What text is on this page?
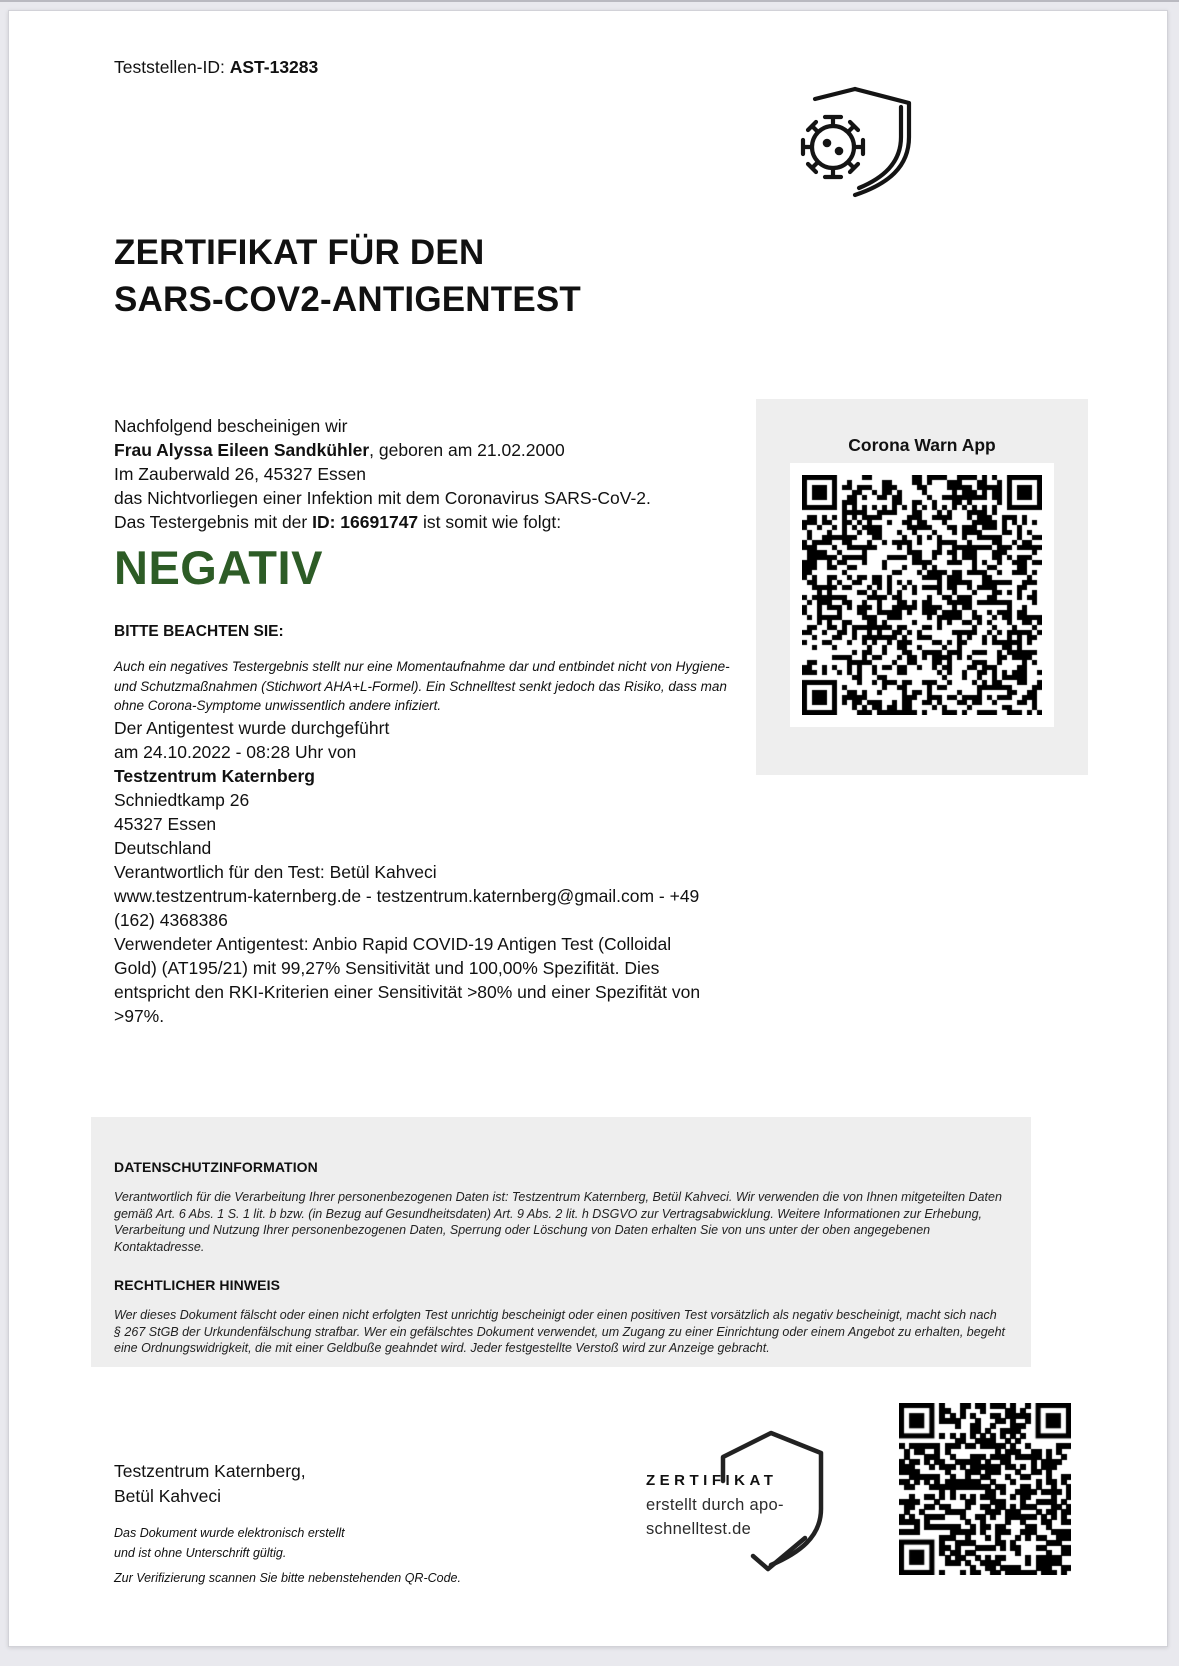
Teststellen-ID: AST-13283
ZERTIFIKAT FÜR DEN
SARS-COV2-ANTIGENTEST

Nachfolgend bescheinigen wir
Frau Alyssa Eileen Sandkühler, geboren am 21.02.2000
Im Zauberwald 26, 45327 Essen
das Nichtvorliegen einer Infektion mit dem Coronavirus SARS-CoV-2.
Das Testergebnis mit der ID: 16691747 ist somit wie folgt:

NEGATIV
BITTE BEACHTEN SIE:

Auch ein negatives Testergebnis stellt nur eine Momentaufnahme dar und entbindet nicht von Hygiene- und Schutzmaßnahmen (Stichwort AHA+L-Formel). Ein Schnelltest senkt jedoch das Risiko, dass man ohne Corona-Symptome unwissentlich andere infiziert.

Der Antigentest wurde durchgeführt
am 24.10.2022 - 08:28 Uhr von

Testzentrum Katernberg
Schniedtkamp 26
45327 Essen
Deutschland
Verantwortlich für den Test: Betül Kahveci

www.testzentrum-katernberg.de - testzentrum.katernberg@gmail.com - +49 (162) 4368386

Verwendeter Antigentest: Anbio Rapid COVID-19 Antigen Test (Colloidal Gold) (AT195/21) mit 99,27% Sensitivität und 100,00% Spezifität. Dies entspricht den RKI-Kriterien einer Sensitivität >80% und einer Spezifität von >97%.

Corona Warn App
DATENSCHUTZINFORMATION

Verantwortlich für die Verarbeitung Ihrer personenbezogenen Daten ist: Testzentrum Katernberg, Betül Kahveci. Wir verwenden die von Ihnen mitgeteilten Daten gemäß Art. 6 Abs. 1 S. 1 lit. b bzw. (in Bezug auf Gesundheitsdaten) Art. 9 Abs. 2 lit. h DSGVO zur Vertragsabwicklung. Weitere Informationen zur Erhebung, Verarbeitung und Nutzung Ihrer personenbezogenen Daten, Sperrung oder Löschung von Daten erhalten Sie von uns unter der oben angegebenen Kontaktadresse.

RECHTLICHER HINWEIS

Wer dieses Dokument fälscht oder einen nicht erfolgten Test unrichtig bescheinigt oder einen positiven Test vorsätzlich als negativ bescheinigt, macht sich nach § 267 StGB der Urkundenfälschung strafbar. Wer ein gefälschtes Dokument verwendet, um Zugang zu einer Einrichtung oder einem Angebot zu erhalten, begeht eine Ordnungswidrigkeit, die mit einer Geldbuße geahndet wird. Jeder festgestellte Verstoß wird zur Anzeige gebracht.

Testzentrum Katernberg,
Betül Kahveci
Das Dokument wurde elektronisch erstellt
und ist ohne Unterschrift gültig.
Zur Verifizierung scannen Sie bitte nebenstehenden QR-Code.
ZERTIFIKAT
erstellt durch apo-
schnelltest.de
